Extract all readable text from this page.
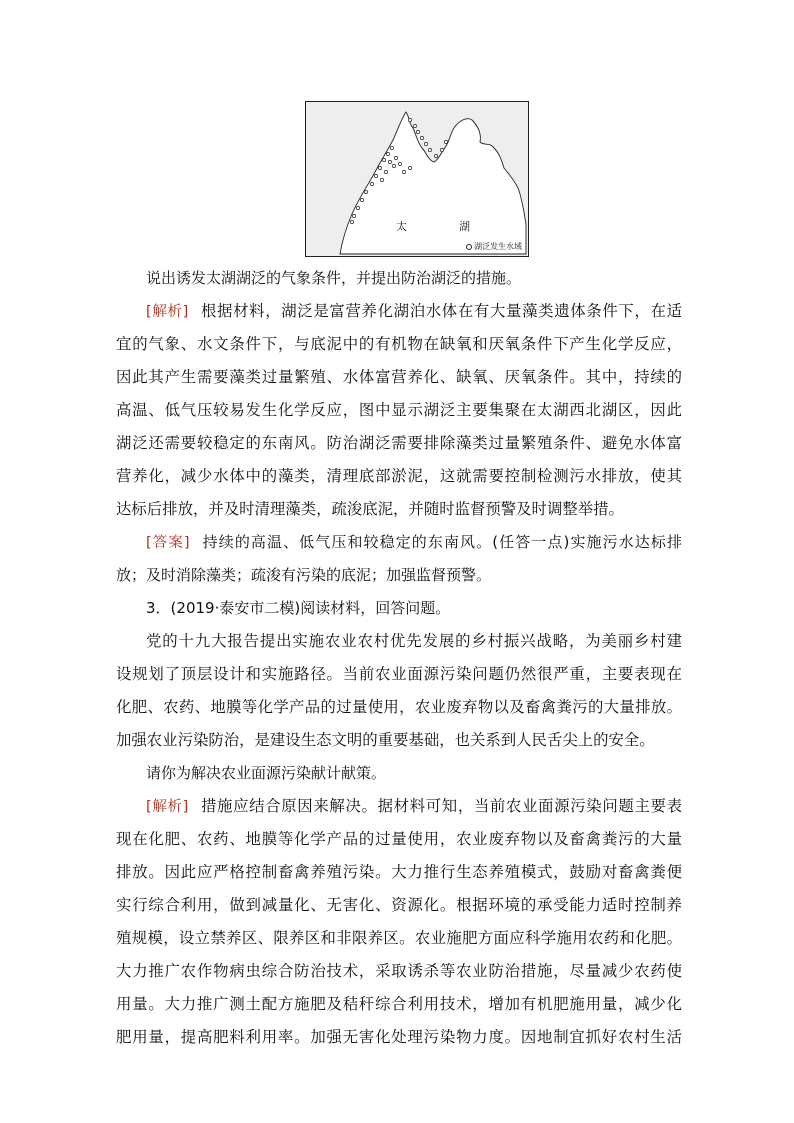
太	湖
湖泛发生水域
说出诱发太湖湖泛的气象条件，并提出防治湖泛的措施。
[解析] 根据材料，湖泛是富营养化湖泊水体在有大量藻类遗体条件下，在适
宜的气象、水文条件下，与底泥中的有机物在缺氧和厌氧条件下产生化学反应，
因此其产生需要藻类过量繁殖、水体富营养化、缺氧、厌氧条件。其中，持续的
高温、低气压较易发生化学反应，图中显示湖泛主要集聚在太湖西北湖区，因此
湖泛还需要较稳定的东南风。防治湖泛需要排除藻类过量繁殖条件、避免水体富
营养化，减少水体中的藻类，清理底部淤泥，这就需要控制检测污水排放，使其
达标后排放，并及时清理藻类，疏浚底泥，并随时监督预警及时调整举措。
[答案] 持续的高温、低气压和较稳定的东南风。(任答一点)实施污水达标排
放；及时消除藻类；疏浚有污染的底泥；加强监督预警。
3．(2019·泰安市二模)阅读材料，回答问题。
党的十九大报告提出实施农业农村优先发展的乡村振兴战略，为美丽乡村建
设规划了顶层设计和实施路径。当前农业面源污染问题仍然很严重，主要表现在
化肥、农药、地膜等化学产品的过量使用，农业废弃物以及畜禽粪污的大量排放。
加强农业污染防治，是建设生态文明的重要基础，也关系到人民舌尖上的安全。
请你为解决农业面源污染献计献策。
[解析] 措施应结合原因来解决。据材料可知，当前农业面源污染问题主要表
现在化肥、农药、地膜等化学产品的过量使用，农业废弃物以及畜禽粪污的大量
排放。因此应严格控制畜禽养殖污染。大力推行生态养殖模式，鼓励对畜禽粪便
实行综合利用，做到减量化、无害化、资源化。根据环境的承受能力适时控制养
殖规模，设立禁养区、限养区和非限养区。农业施肥方面应科学施用农药和化肥。
大力推广农作物病虫综合防治技术，采取诱杀等农业防治措施，尽量减少农药使
用量。大力推广测土配方施肥及秸秆综合利用技术，增加有机肥施用量，减少化
肥用量，提高肥料利用率。加强无害化处理污染物力度。因地制宜抓好农村生活
